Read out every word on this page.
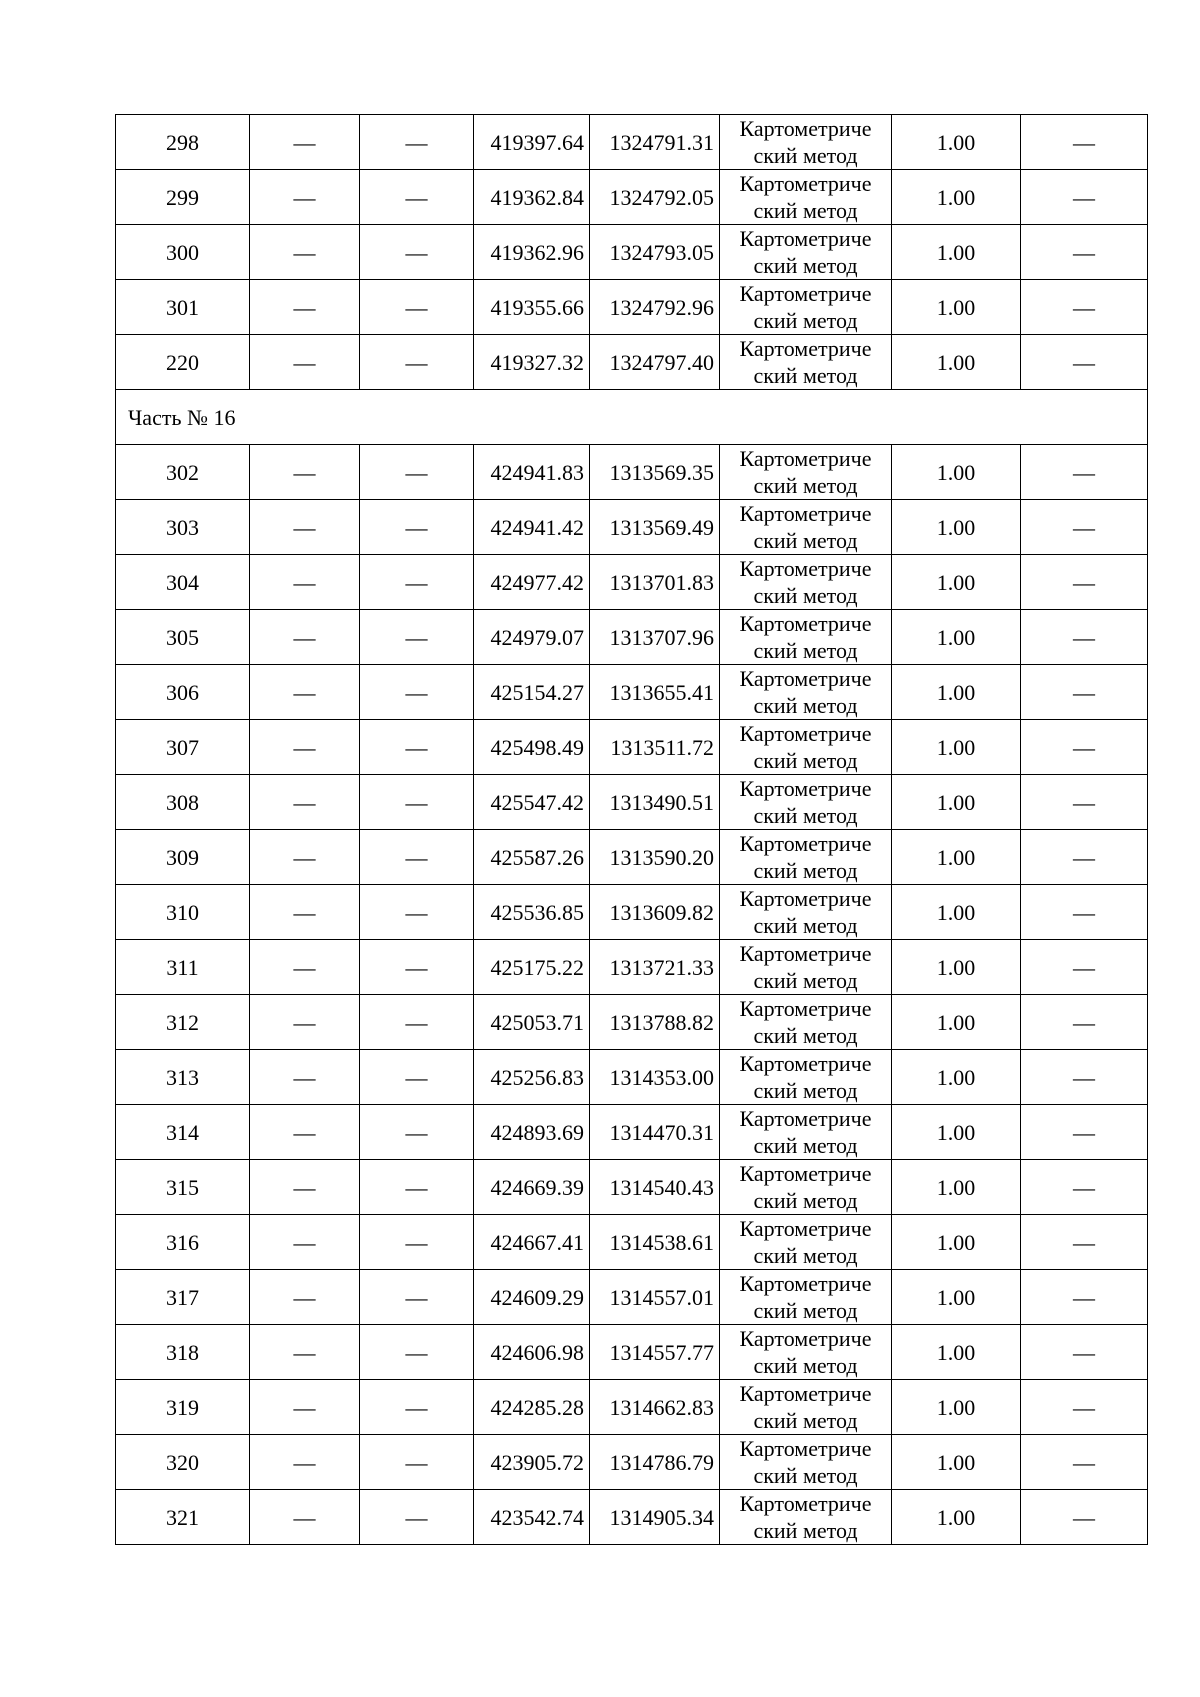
298	—	—	419397.64	1324791.31	Картометриче ский метод	1.00	—
299	—	—	419362.84	1324792.05	Картометриче ский метод	1.00	—
300	—	—	419362.96	1324793.05	Картометриче ский метод	1.00	—
301	—	—	419355.66	1324792.96	Картометриче ский метод	1.00	—
220	—	—	419327.32	1324797.40	Картометриче ский метод	1.00	—
Часть № 16							
302	—	—	424941.83	1313569.35	Картометриче ский метод	1.00	—
303	—	—	424941.42	1313569.49	Картометриче ский метод	1.00	—
304	—	—	424977.42	1313701.83	Картометриче ский метод	1.00	—
305	—	—	424979.07	1313707.96	Картометриче ский метод	1.00	—
306	—	—	425154.27	1313655.41	Картометриче ский метод	1.00	—
307	—	—	425498.49	1313511.72	Картометриче ский метод	1.00	—
308	—	—	425547.42	1313490.51	Картометриче ский метод	1.00	—
309	—	—	425587.26	1313590.20	Картометриче ский метод	1.00	—
310	—	—	425536.85	1313609.82	Картометриче ский метод	1.00	—
311	—	—	425175.22	1313721.33	Картометриче ский метод	1.00	—
312	—	—	425053.71	1313788.82	Картометриче ский метод	1.00	—
313	—	—	425256.83	1314353.00	Картометриче ский метод	1.00	—
314	—	—	424893.69	1314470.31	Картометриче ский метод	1.00	—
315	—	—	424669.39	1314540.43	Картометриче ский метод	1.00	—
316	—	—	424667.41	1314538.61	Картометриче ский метод	1.00	—
317	—	—	424609.29	1314557.01	Картометриче ский метод	1.00	—
318	—	—	424606.98	1314557.77	Картометриче ский метод	1.00	—
319	—	—	424285.28	1314662.83	Картометриче ский метод	1.00	—
320	—	—	423905.72	1314786.79	Картометриче ский метод	1.00	—
321	—	—	423542.74	1314905.34	Картометриче ский метод	1.00	—
